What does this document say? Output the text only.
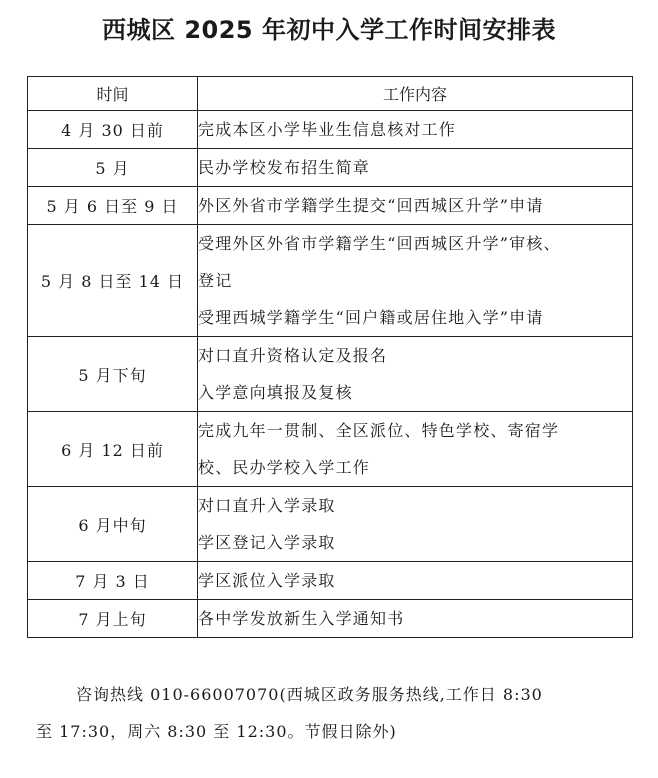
西城区 2025 年初中入学工作时间安排表
时间	工作内容
4 月 30 日前	完成本区小学毕业生信息核对工作

5 月	民办学校发布招生简章

5 月 6 日至 9 日	外区外省市学籍学生提交“回西城区升学”申请

5 月 8 日至 14 日	受理外区外省市学籍学生“回西城区升学”审核、
登记
受理西城学籍学生“回户籍或居住地入学”申请

5 月下旬	对口直升资格认定及报名
入学意向填报及复核

6 月 12 日前	完成九年一贯制、全区派位、特色学校、寄宿学
校、民办学校入学工作

6 月中旬	对口直升入学录取
学区登记入学录取

7 月 3 日	学区派位入学录取

7 月上旬	各中学发放新生入学通知书
咨询热线 010-66007070(西城区政务服务热线,工作日 8:30
至 17:30，周六 8:30 至 12:30。节假日除外)
